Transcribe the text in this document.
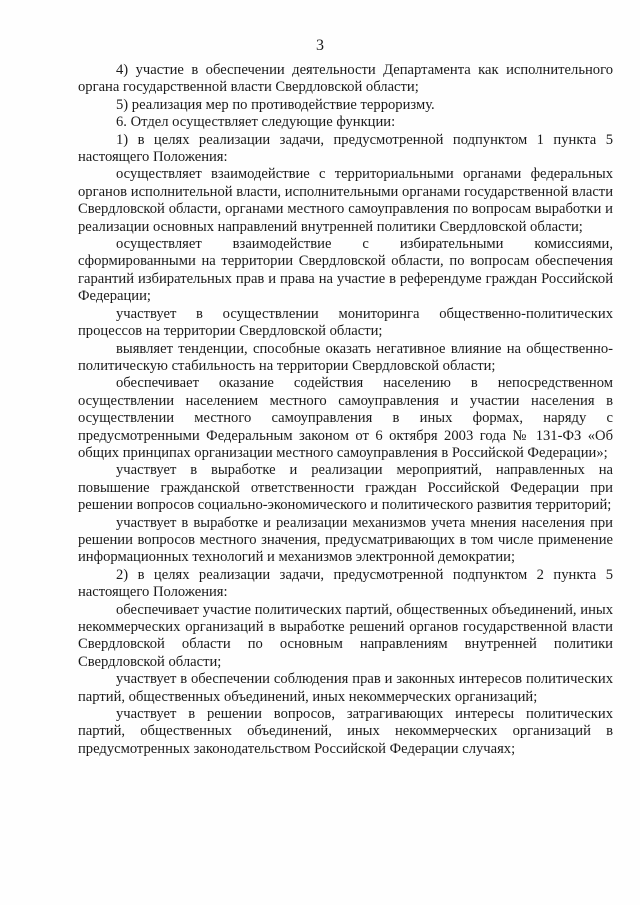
3

4) участие в обеспечении деятельности Департамента как исполнительного органа государственной власти Свердловской области;

5) реализация мер по противодействие терроризму.

6. Отдел осуществляет следующие функции:

1) в целях реализации задачи, предусмотренной подпунктом 1 пункта 5 настоящего Положения:

осуществляет взаимодействие с территориальными органами федеральных органов исполнительной власти, исполнительными органами государственной власти Свердловской области, органами местного самоуправления по вопросам выработки и реализации основных направлений внутренней политики Свердловской области;

осуществляет взаимодействие с избирательными комиссиями, сформированными на территории Свердловской области, по вопросам обеспечения гарантий избирательных прав и права на участие в референдуме граждан Российской Федерации;

участвует в осуществлении мониторинга общественно-политических процессов на территории Свердловской области;

выявляет тенденции, способные оказать негативное влияние на общественно-политическую стабильность на территории Свердловской области;

обеспечивает оказание содействия населению в непосредственном осуществлении населением местного самоуправления и участии населения в осуществлении местного самоуправления в иных формах, наряду с предусмотренными Федеральным законом от 6 октября 2003 года № 131-ФЗ «Об общих принципах организации местного самоуправления в Российской Федерации»;

участвует в выработке и реализации мероприятий, направленных на повышение гражданской ответственности граждан Российской Федерации при решении вопросов социально-экономического и политического развития территорий;

участвует в выработке и реализации механизмов учета мнения населения при решении вопросов местного значения, предусматривающих в том числе применение информационных технологий и механизмов электронной демократии;

2) в целях реализации задачи, предусмотренной подпунктом 2 пункта 5 настоящего Положения:

обеспечивает участие политических партий, общественных объединений, иных некоммерческих организаций в выработке решений органов государственной власти Свердловской области по основным направлениям внутренней политики Свердловской области;

участвует в обеспечении соблюдения прав и законных интересов политических партий, общественных объединений, иных некоммерческих организаций;

участвует в решении вопросов, затрагивающих интересы политических партий, общественных объединений, иных некоммерческих организаций в предусмотренных законодательством Российской Федерации случаях;
